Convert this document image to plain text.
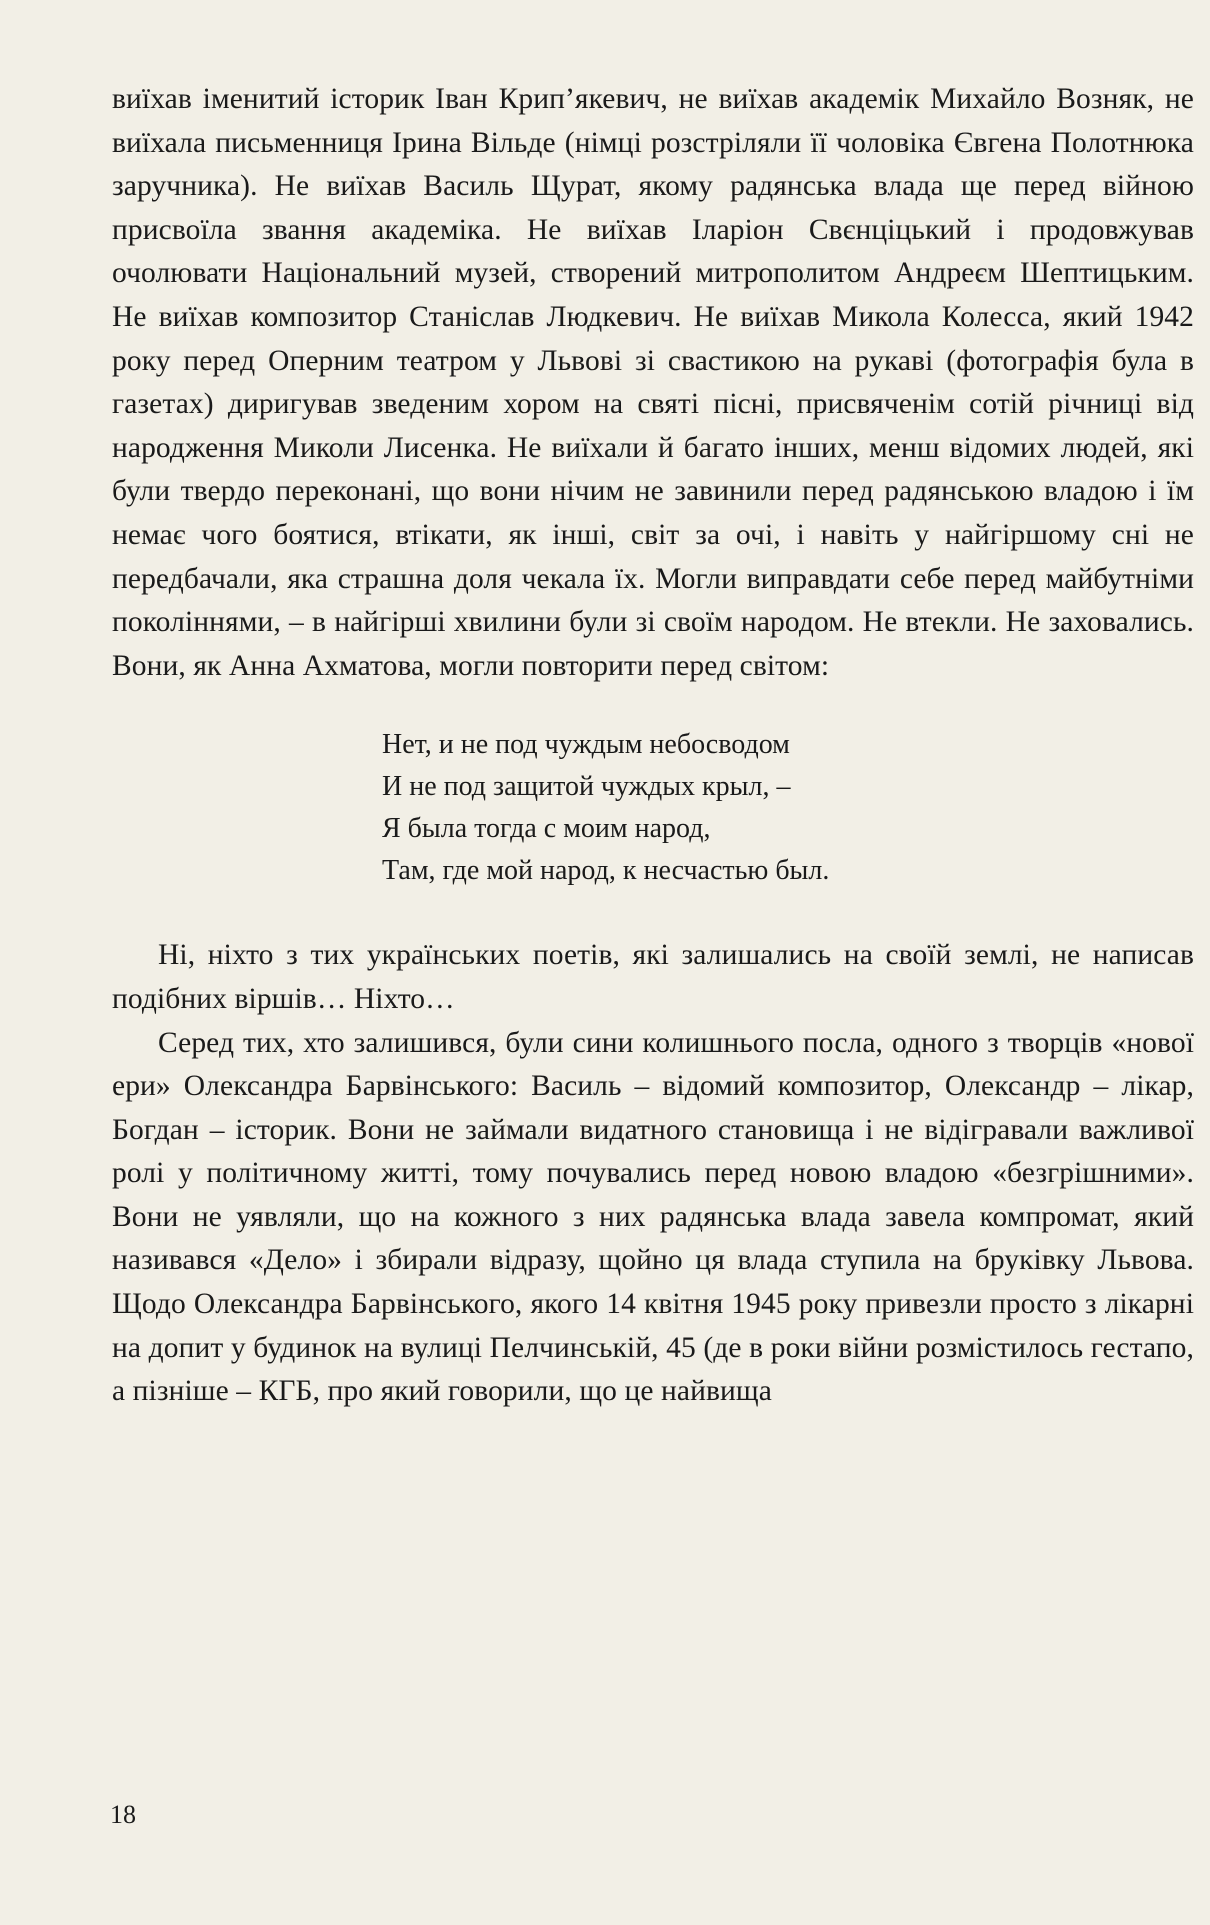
виїхав іменитий історик Іван Крип’якевич, не виїхав академік Михайло Возняк, не виїхала письменниця Ірина Вільде (німці розстріляли її чоловіка Євгена Полотнюка заручника). Не виїхав Василь Щурат, якому радянська влада ще перед війною присвоїла звання академіка. Не виїхав Іларіон Свєнціцький і продовжував очолювати Національний музей, створений митрополитом Андреєм Шептицьким. Не виїхав композитор Станіслав Людкевич. Не виїхав Микола Колесса, який 1942 року перед Оперним театром у Львові зі свастикою на рукаві (фотографія була в газетах) диригував зведеним хором на святі пісні, присвяченім сотій річниці від народження Миколи Лисенка. Не виїхали й багато інших, менш відомих людей, які були твердо переконані, що вони нічим не завинили перед радянською владою і їм немає чого боятися, втікати, як інші, світ за очі, і навіть у найгіршому сні не передбачали, яка страшна доля чекала їх. Могли виправдати себе перед майбутніми поколіннями, – в найгірші хвилини були зі своїм народом. Не втекли. Не заховались. Вони, як Анна Ахматова, могли повторити перед світом:

Нет, и не под чуждым небосводом
И не под защитой чуждых крыл, –
Я была тогда с моим народ,
Там, где мой народ, к несчастью был.

Ні, ніхто з тих українських поетів, які залишались на своїй землі, не написав подібних віршів… Ніхто…

Серед тих, хто залишився, були сини колишнього посла, одного з творців «нової ери» Олександра Барвінського: Василь – відомий композитор, Олександр – лікар, Богдан – історик. Вони не займали видатного становища і не відігравали важливої ролі у політичному житті, тому почувались перед новою владою «безгрішними». Вони не уявляли, що на кожного з них радянська влада завела компромат, який називався «Дело» і збирали відразу, щойно ця влада ступила на бруківку Львова. Щодо Олександра Барвінського, якого 14 квітня 1945 року привезли просто з лікарні на допит у будинок на вулиці Пелчинській, 45 (де в роки війни розмістилось гестапо, а пізніше – КГБ, про який говорили, що це найвища

18
